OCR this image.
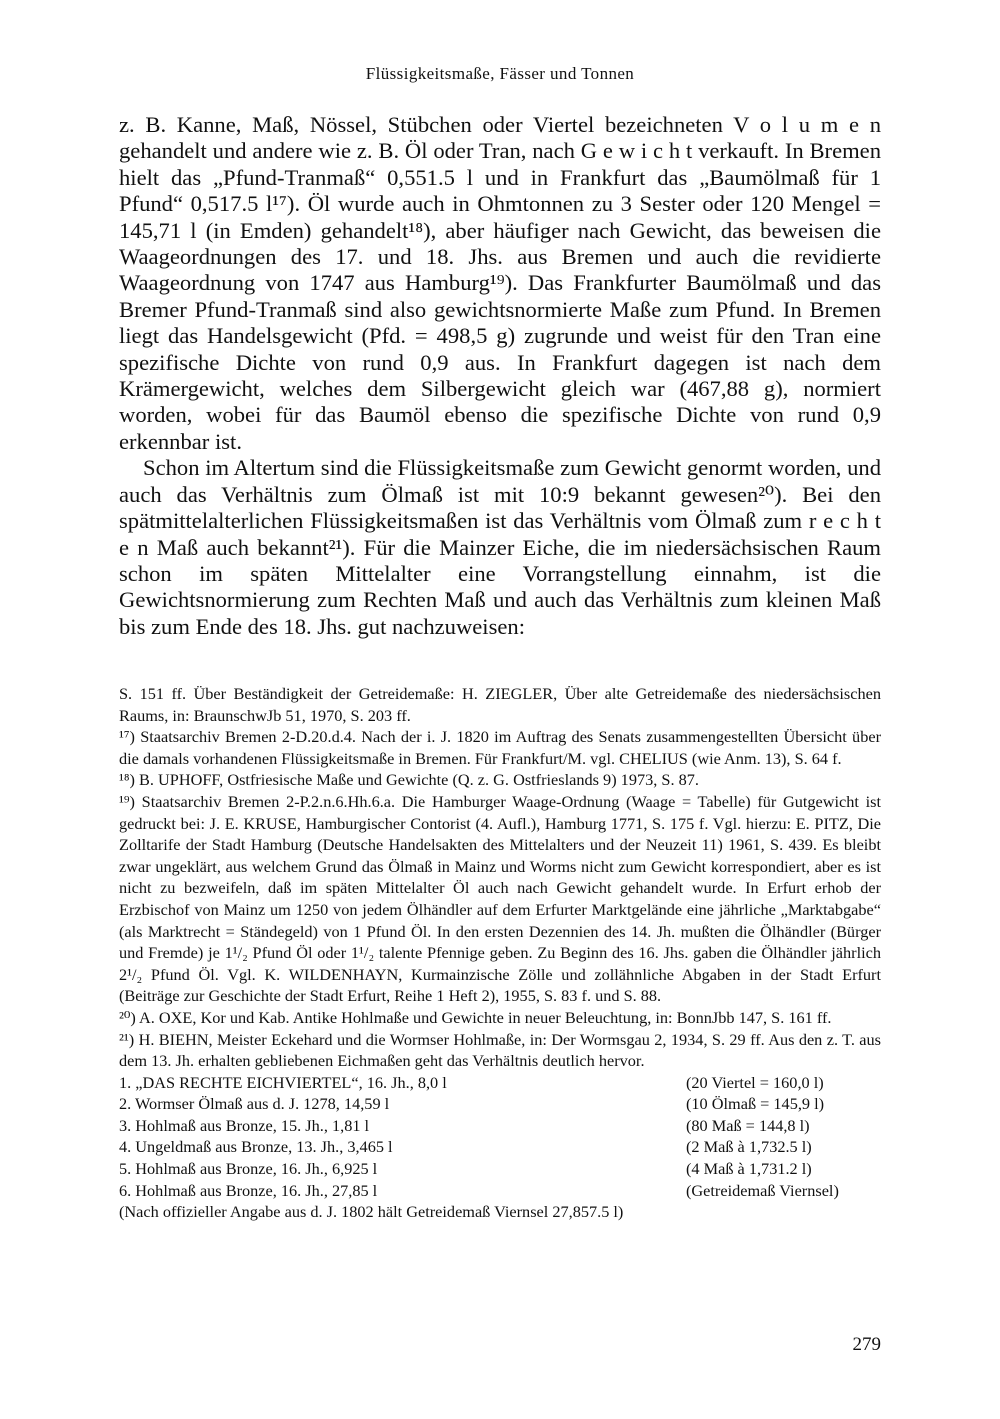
Flüssigkeitsmaße, Fässer und Tonnen

z. B. Kanne, Maß, Nössel, Stübchen oder Viertel bezeichneten V o l u m e n gehandelt und andere wie z. B. Öl oder Tran, nach G e w i c h t verkauft. In Bremen hielt das „Pfund-Tranmaß“ 0,551.5 l und in Frankfurt das „Baumölmaß für 1 Pfund“ 0,517.5 l¹⁷). Öl wurde auch in Ohmtonnen zu 3 Sester oder 120 Mengel = 145,71 l (in Emden) gehandelt¹⁸), aber häufiger nach Gewicht, das beweisen die Waageordnungen des 17. und 18. Jhs. aus Bremen und auch die revidierte Waageordnung von 1747 aus Hamburg¹⁹). Das Frankfurter Baumölmaß und das Bremer Pfund-Tranmaß sind also gewichtsnormierte Maße zum Pfund. In Bremen liegt das Handelsgewicht (Pfd. = 498,5 g) zugrunde und weist für den Tran eine spezifische Dichte von rund 0,9 aus. In Frankfurt dagegen ist nach dem Krämergewicht, welches dem Silbergewicht gleich war (467,88 g), normiert worden, wobei für das Baumöl ebenso die spezifische Dichte von rund 0,9 erkennbar ist.

Schon im Altertum sind die Flüssigkeitsmaße zum Gewicht genormt worden, und auch das Verhältnis zum Ölmaß ist mit 10:9 bekannt gewesen²⁰). Bei den spätmittelalterlichen Flüssigkeitsmaßen ist das Verhältnis vom Ölmaß zum r e c h t e n Maß auch bekannt²¹). Für die Mainzer Eiche, die im niedersächsischen Raum schon im späten Mittelalter eine Vorrangstellung einnahm, ist die Gewichtsnormierung zum Rechten Maß und auch das Verhältnis zum kleinen Maß bis zum Ende des 18. Jhs. gut nachzuweisen:

S. 151 ff. Über Beständigkeit der Getreidemaße: H. ZIEGLER, Über alte Getreidemaße des niedersächsischen Raums, in: BraunschwJb 51, 1970, S. 203 ff.

¹⁷) Staatsarchiv Bremen 2-D.20.d.4. Nach der i. J. 1820 im Auftrag des Senats zusammengestellten Übersicht über die damals vorhandenen Flüssigkeitsmaße in Bremen. Für Frankfurt/M. vgl. CHELIUS (wie Anm. 13), S. 64 f.

¹⁸) B. UPHOFF, Ostfriesische Maße und Gewichte (Q. z. G. Ostfrieslands 9) 1973, S. 87.

¹⁹) Staatsarchiv Bremen 2-P.2.n.6.Hh.6.a. Die Hamburger Waage-Ordnung (Waage = Tabelle) für Gutgewicht ist gedruckt bei: J. E. KRUSE, Hamburgischer Contorist (4. Aufl.), Hamburg 1771, S. 175 f. Vgl. hierzu: E. PITZ, Die Zolltarife der Stadt Hamburg (Deutsche Handelsakten des Mittelalters und der Neuzeit 11) 1961, S. 439. Es bleibt zwar ungeklärt, aus welchem Grund das Ölmaß in Mainz und Worms nicht zum Gewicht korrespondiert, aber es ist nicht zu bezweifeln, daß im späten Mittelalter Öl auch nach Gewicht gehandelt wurde. In Erfurt erhob der Erzbischof von Mainz um 1250 von jedem Ölhändler auf dem Erfurter Marktgelände eine jährliche „Marktabgabe“ (als Marktrecht = Ständegeld) von 1 Pfund Öl. In den ersten Dezennien des 14. Jh. mußten die Ölhändler (Bürger und Fremde) je 1¹/₂ Pfund Öl oder 1¹/₂ talente Pfennige geben. Zu Beginn des 16. Jhs. gaben die Ölhändler jährlich 2¹/₂ Pfund Öl. Vgl. K. WILDENHAYN, Kurmainzische Zölle und zollähnliche Abgaben in der Stadt Erfurt (Beiträge zur Geschichte der Stadt Erfurt, Reihe 1 Heft 2), 1955, S. 83 f. und S. 88.

²⁰) A. OXE, Kor und Kab. Antike Hohlmaße und Gewichte in neuer Beleuchtung, in: BonnJbb 147, S. 161 ff.

²¹) H. BIEHN, Meister Eckehard und die Wormser Hohlmaße, in: Der Wormsgau 2, 1934, S. 29 ff. Aus den z. T. aus dem 13. Jh. erhalten gebliebenen Eichmaßen geht das Verhältnis deutlich hervor.

1. „DAS RECHTE EICHVIERTEL“, 16. Jh., 8,0 l	(20 Viertel = 160,0 l)
2. Wormser Ölmaß aus d. J. 1278, 14,59 l	(10 Ölmaß = 145,9 l)
3. Hohlmaß aus Bronze, 15. Jh., 1,81 l	(80 Maß = 144,8 l)
4. Ungeldmaß aus Bronze, 13. Jh., 3,465 l	(2 Maß à 1,732.5 l)
5. Hohlmaß aus Bronze, 16. Jh., 6,925 l	(4 Maß à 1,731.2 l)
6. Hohlmaß aus Bronze, 16. Jh., 27,85 l	(Getreidemaß Viernsel)

(Nach offizieller Angabe aus d. J. 1802 hält Getreidemaß Viernsel 27,857.5 l)

279
